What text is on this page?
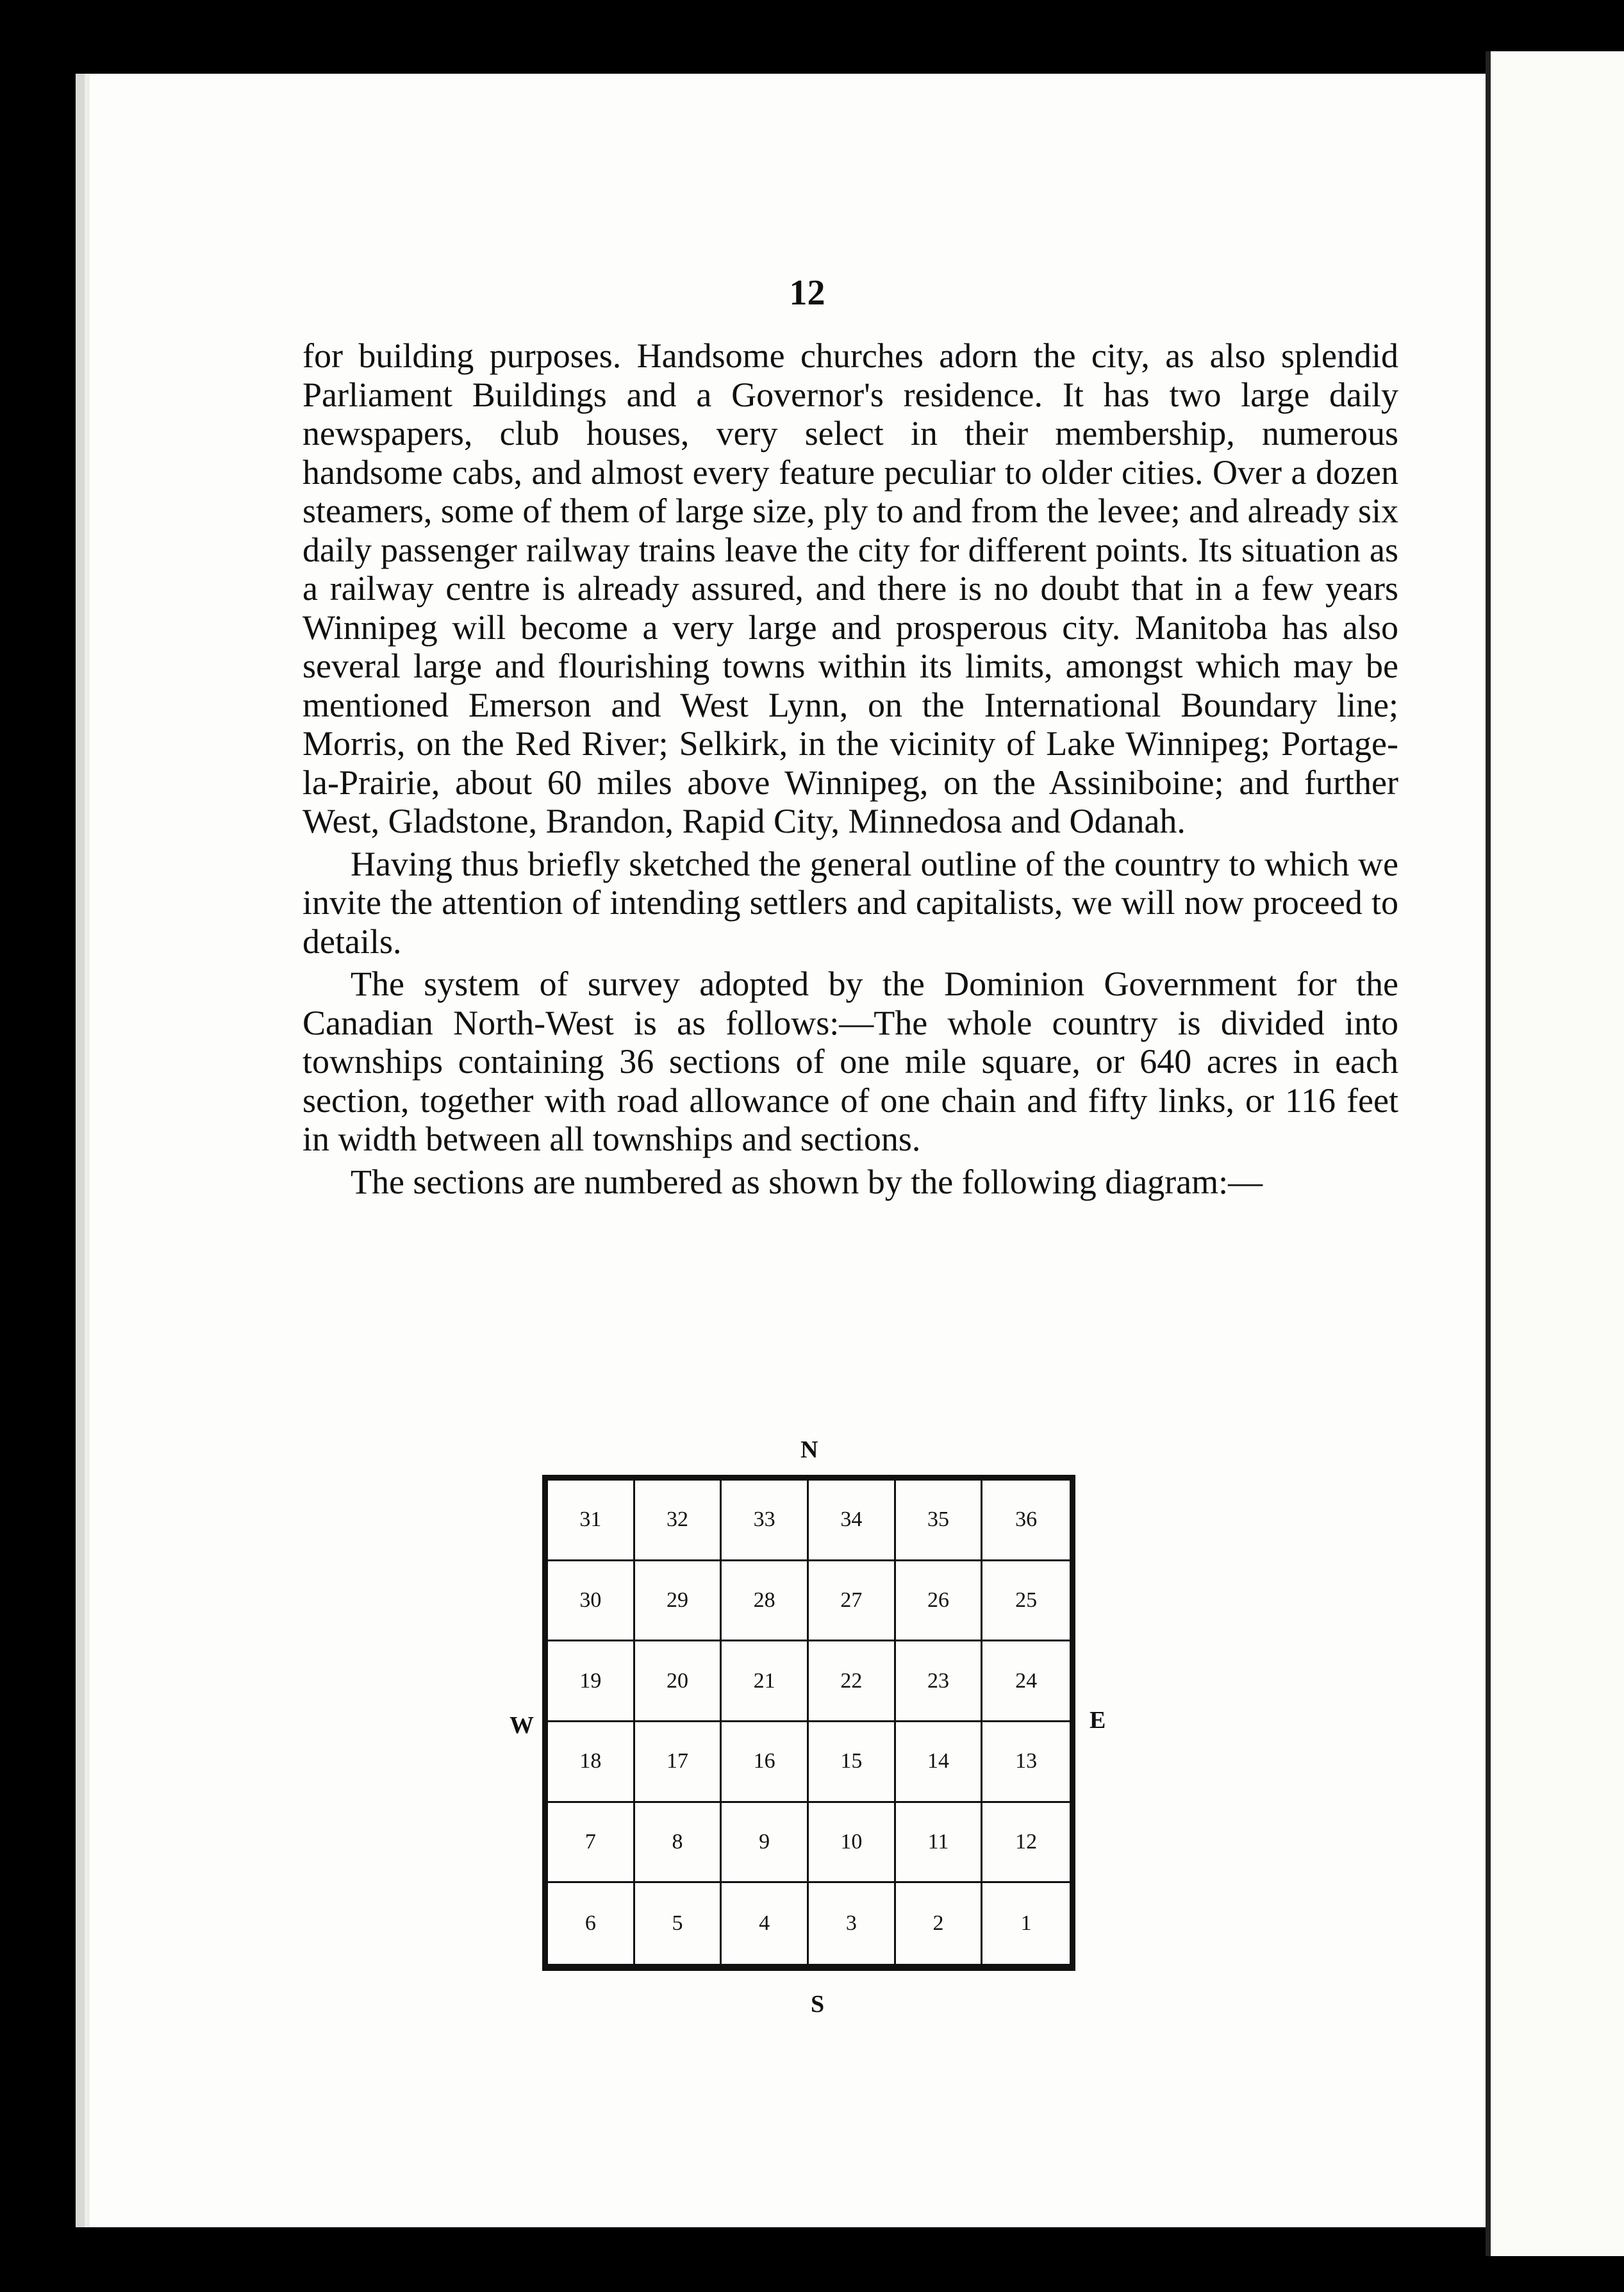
12

for building purposes. Handsome churches adorn the city, as also splendid Parliament Buildings and a Governor's residence. It has two large daily newspapers, club houses, very select in their membership, numerous handsome cabs, and almost every feature peculiar to older cities. Over a dozen steamers, some of them of large size, ply to and from the levee; and already six daily passenger railway trains leave the city for different points. Its situation as a railway centre is already assured, and there is no doubt that in a few years Winnipeg will become a very large and prosperous city. Manitoba has also several large and flourishing towns within its limits, amongst which may be mentioned Emerson and West Lynn, on the International Boundary line; Morris, on the Red River; Selkirk, in the vicinity of Lake Winnipeg; Portage-la-Prairie, about 60 miles above Winnipeg, on the Assiniboine; and further West, Gladstone, Brandon, Rapid City, Minnedosa and Odanah.

Having thus briefly sketched the general outline of the country to which we invite the attention of intending settlers and capitalists, we will now proceed to details.

The system of survey adopted by the Dominion Government for the Canadian North-West is as follows:—The whole country is divided into townships containing 36 sections of one mile square, or 640 acres in each section, together with road allowance of one chain and fifty links, or 116 feet in width between all townships and sections.

The sections are numbered as shown by the following diagram:—

N
S
W	E
31	32	33	34	35	36
30	29	28	27	26	25
19	20	21	22	23	24
18	17	16	15	14	13
7	8	9	10	11	12
6	5	4	3	2	1
